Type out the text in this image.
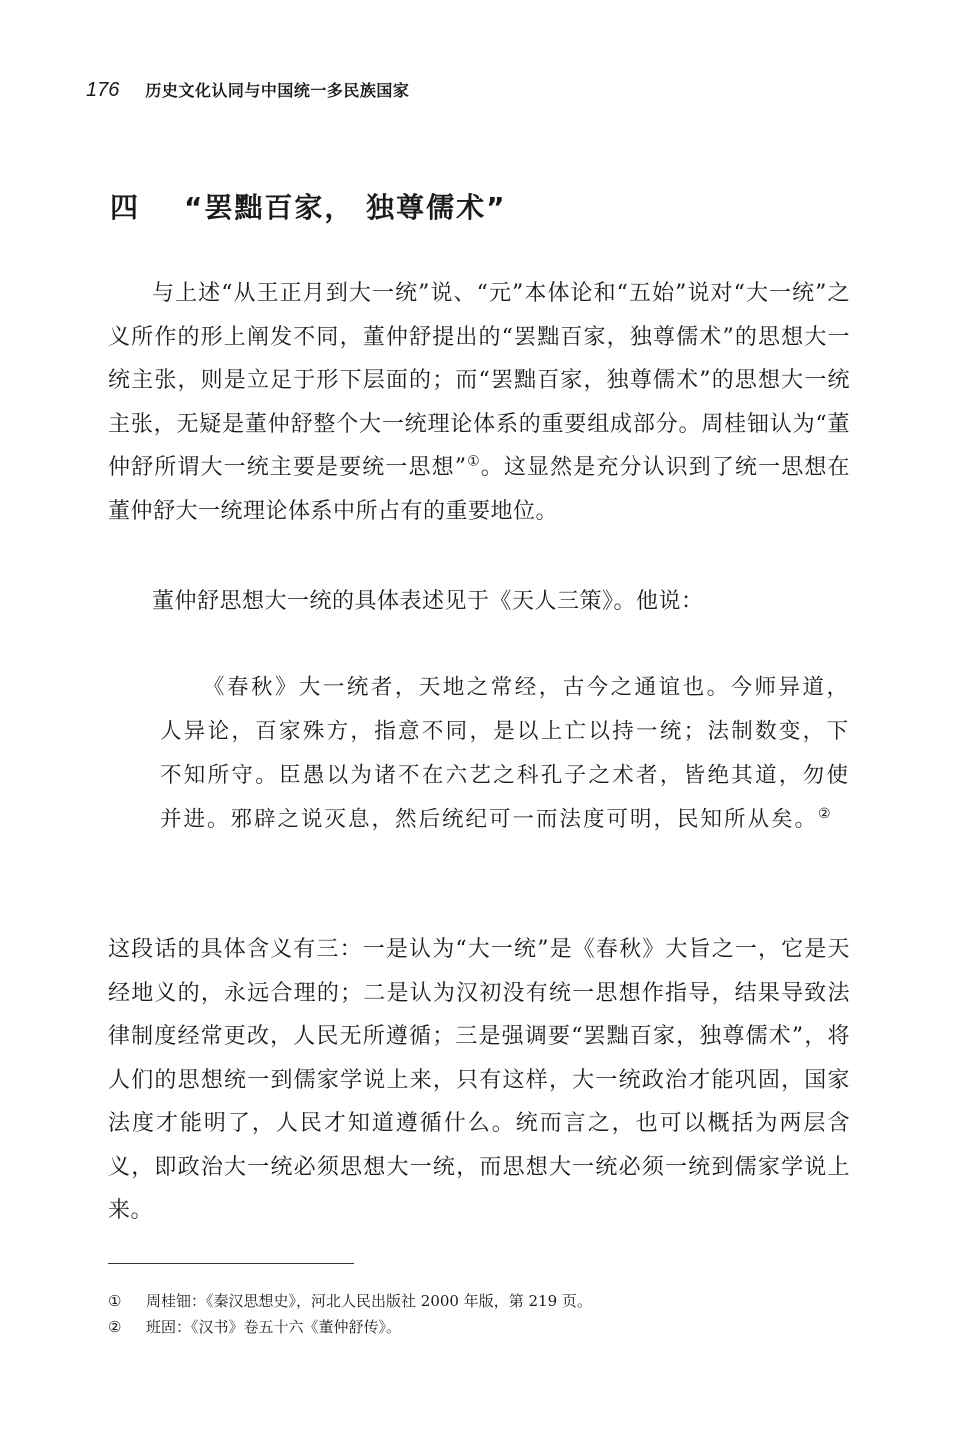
176 历史文化认同与中国统一多民族国家
四 “罢黜百家， 独尊儒术”

与上述“从王正月到大一统”说、“元”本体论和“五始”说对“大一统”之义所作的形上阐发不同，董仲舒提出的“罢黜百家，独尊儒术”的思想大一统主张，则是立足于形下层面的；而“罢黜百家，独尊儒术”的思想大一统主张，无疑是董仲舒整个大一统理论体系的重要组成部分。周桂钿认为“董仲舒所谓大一统主要是要统一思想”①。这显然是充分认识到了统一思想在董仲舒大一统理论体系中所占有的重要地位。

董仲舒思想大一统的具体表述见于《天人三策》。他说：

《春秋》大一统者，天地之常经，古今之通谊也。今师异道，人异论，百家殊方，指意不同，是以上亡以持一统；法制数变，下不知所守。臣愚以为诸不在六艺之科孔子之术者，皆绝其道，勿使并进。邪辟之说灭息，然后统纪可一而法度可明，民知所从矣。②

这段话的具体含义有三：一是认为“大一统”是《春秋》大旨之一，它是天经地义的，永远合理的；二是认为汉初没有统一思想作指导，结果导致法律制度经常更改，人民无所遵循；三是强调要“罢黜百家，独尊儒术”，将人们的思想统一到儒家学说上来，只有这样，大一统政治才能巩固，国家法度才能明了，人民才知道遵循什么。统而言之，也可以概括为两层含义，即政治大一统必须思想大一统，而思想大一统必须一统到儒家学说上来。

①	周桂钿：《秦汉思想史》，河北人民出版社 2000 年版，第 219 页。
②	班固：《汉书》卷五十六《董仲舒传》。
